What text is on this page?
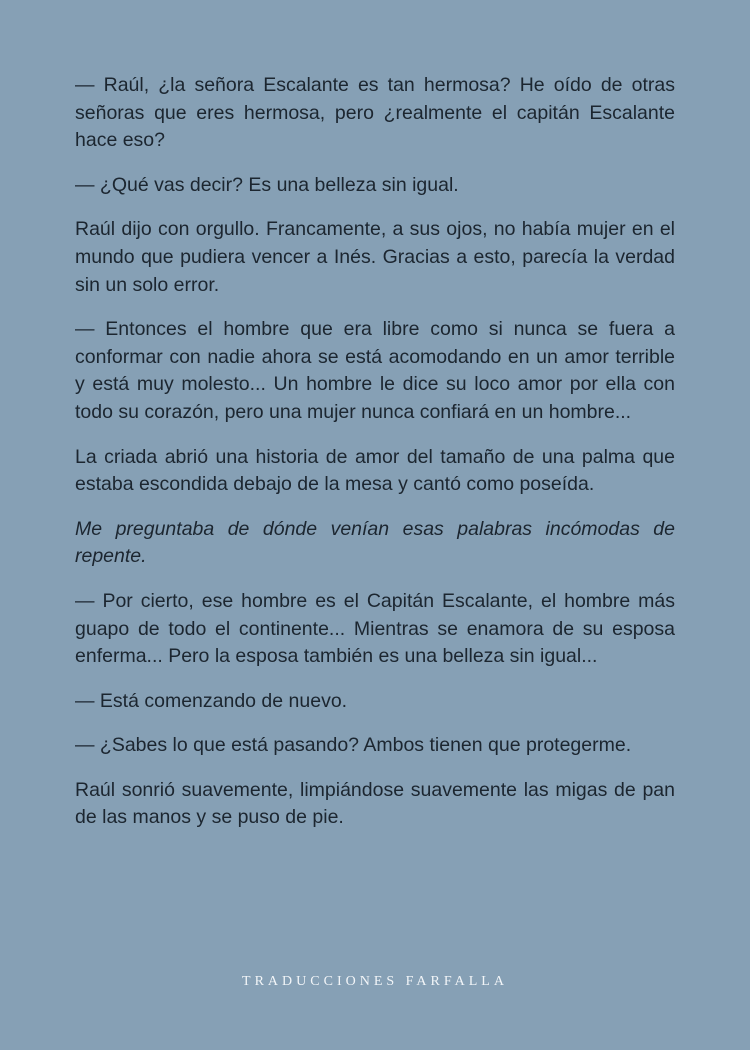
— Raúl, ¿la señora Escalante es tan hermosa? He oído de otras señoras que eres hermosa, pero ¿realmente el capitán Escalante hace eso?

— ¿Qué vas decir? Es una belleza sin igual.

Raúl dijo con orgullo. Francamente, a sus ojos, no había mujer en el mundo que pudiera vencer a Inés. Gracias a esto, parecía la verdad sin un solo error.

— Entonces el hombre que era libre como si nunca se fuera a conformar con nadie ahora se está acomodando en un amor terrible y está muy molesto... Un hombre le dice su loco amor por ella con todo su corazón, pero una mujer nunca confiará en un hombre...

La criada abrió una historia de amor del tamaño de una palma que estaba escondida debajo de la mesa y cantó como poseída.

Me preguntaba de dónde venían esas palabras incómodas de repente.

— Por cierto, ese hombre es el Capitán Escalante, el hombre más guapo de todo el continente... Mientras se enamora de su esposa enferma... Pero la esposa también es una belleza sin igual...

— Está comenzando de nuevo.

— ¿Sabes lo que está pasando? Ambos tienen que protegerme.

Raúl sonrió suavemente, limpiándose suavemente las migas de pan de las manos y se puso de pie.

TRADUCCIONES FARFALLA
